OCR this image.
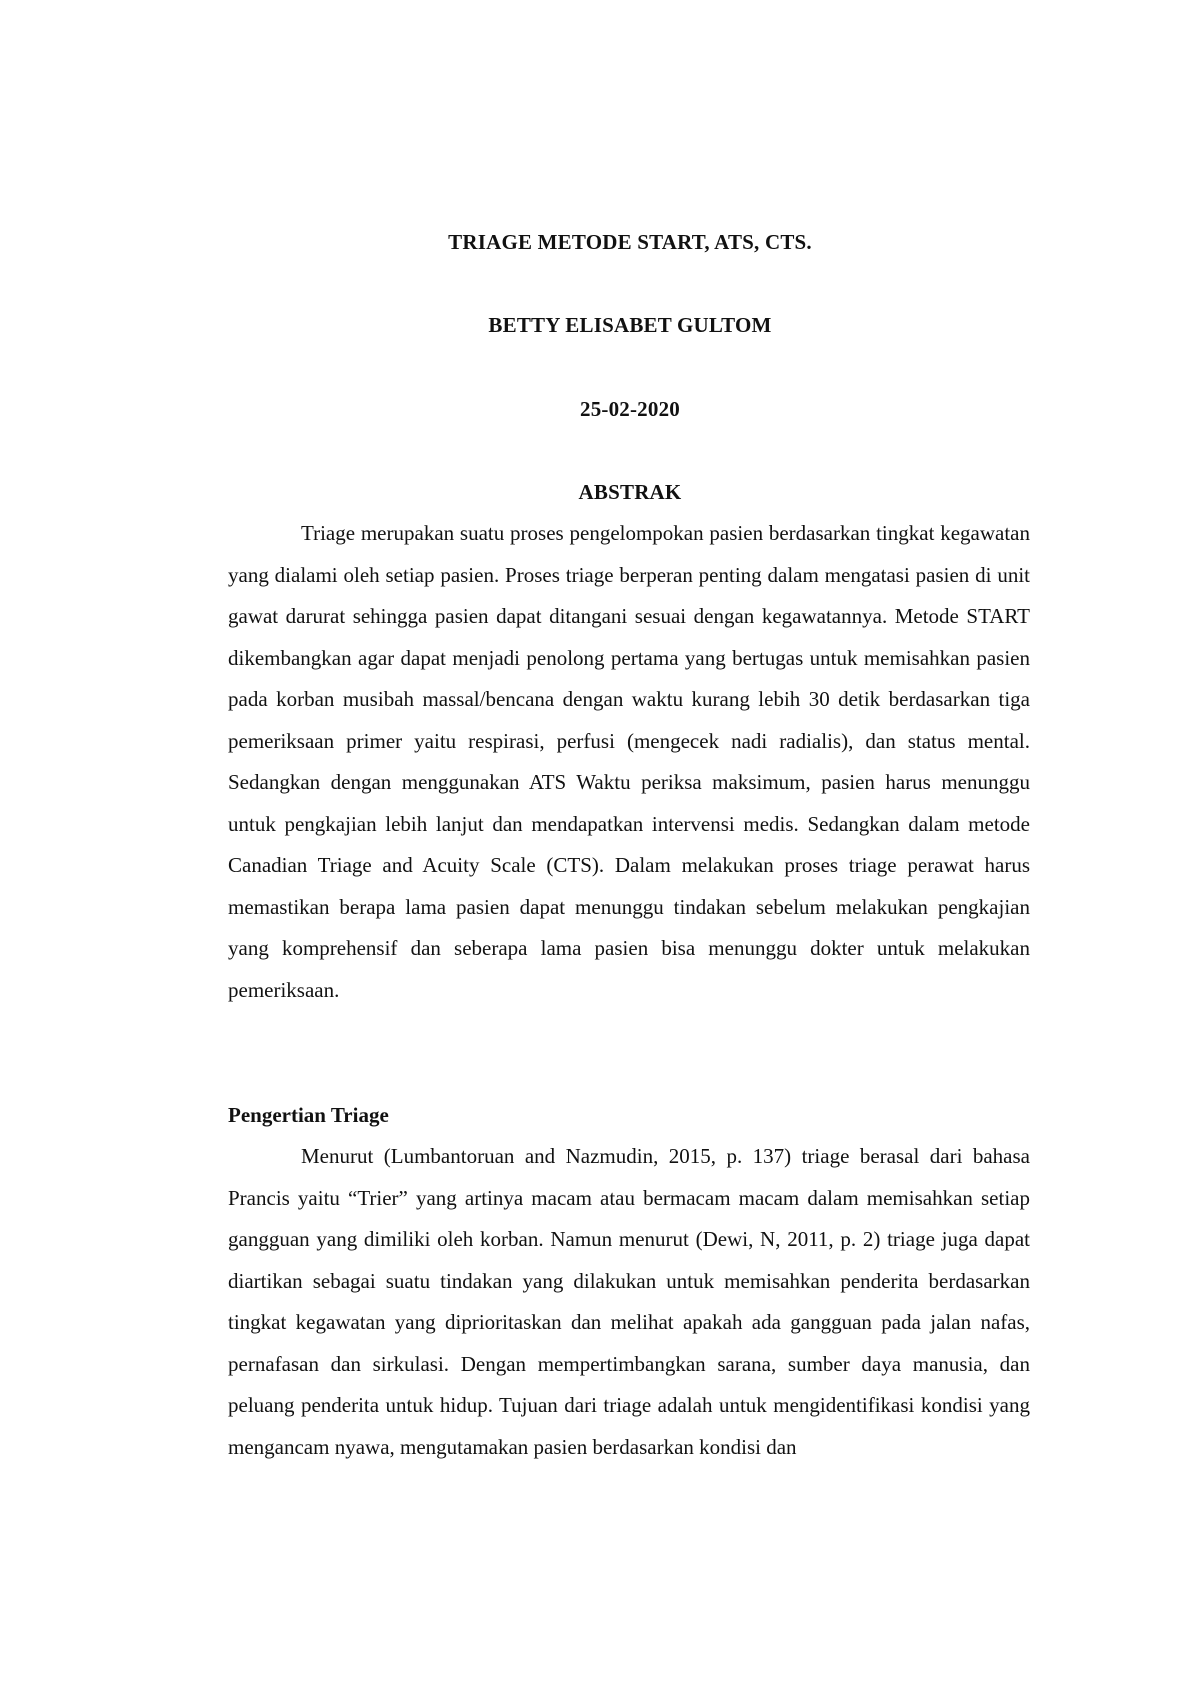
TRIAGE METODE START, ATS, CTS.
BETTY ELISABET GULTOM
25-02-2020
ABSTRAK

Triage merupakan suatu proses pengelompokan pasien berdasarkan tingkat kegawatan yang dialami oleh setiap pasien. Proses triage berperan penting dalam mengatasi pasien di unit gawat darurat sehingga pasien dapat ditangani sesuai dengan kegawatannya. Metode START dikembangkan agar dapat menjadi penolong pertama yang bertugas untuk memisahkan pasien pada korban musibah massal/bencana dengan waktu kurang lebih 30 detik berdasarkan tiga pemeriksaan primer yaitu respirasi, perfusi (mengecek nadi radialis), dan status mental. Sedangkan dengan menggunakan ATS Waktu periksa maksimum, pasien harus menunggu untuk pengkajian lebih lanjut dan mendapatkan intervensi medis. Sedangkan dalam metode Canadian Triage and Acuity Scale (CTS). Dalam melakukan proses triage perawat harus memastikan berapa lama pasien dapat menunggu tindakan sebelum melakukan pengkajian yang komprehensif dan seberapa lama pasien bisa menunggu dokter untuk melakukan pemeriksaan.

Pengertian Triage

Menurut (Lumbantoruan and Nazmudin, 2015, p. 137) triage berasal dari bahasa Prancis yaitu “Trier” yang artinya macam atau bermacam macam dalam memisahkan setiap gangguan yang dimiliki oleh korban. Namun menurut (Dewi, N, 2011, p. 2) triage juga dapat diartikan sebagai suatu tindakan yang dilakukan untuk memisahkan penderita berdasarkan tingkat kegawatan yang diprioritaskan dan melihat apakah ada gangguan pada jalan nafas, pernafasan dan sirkulasi. Dengan mempertimbangkan sarana, sumber daya manusia, dan peluang penderita untuk hidup. Tujuan dari triage adalah untuk mengidentifikasi kondisi yang mengancam nyawa, mengutamakan pasien berdasarkan kondisi dan
